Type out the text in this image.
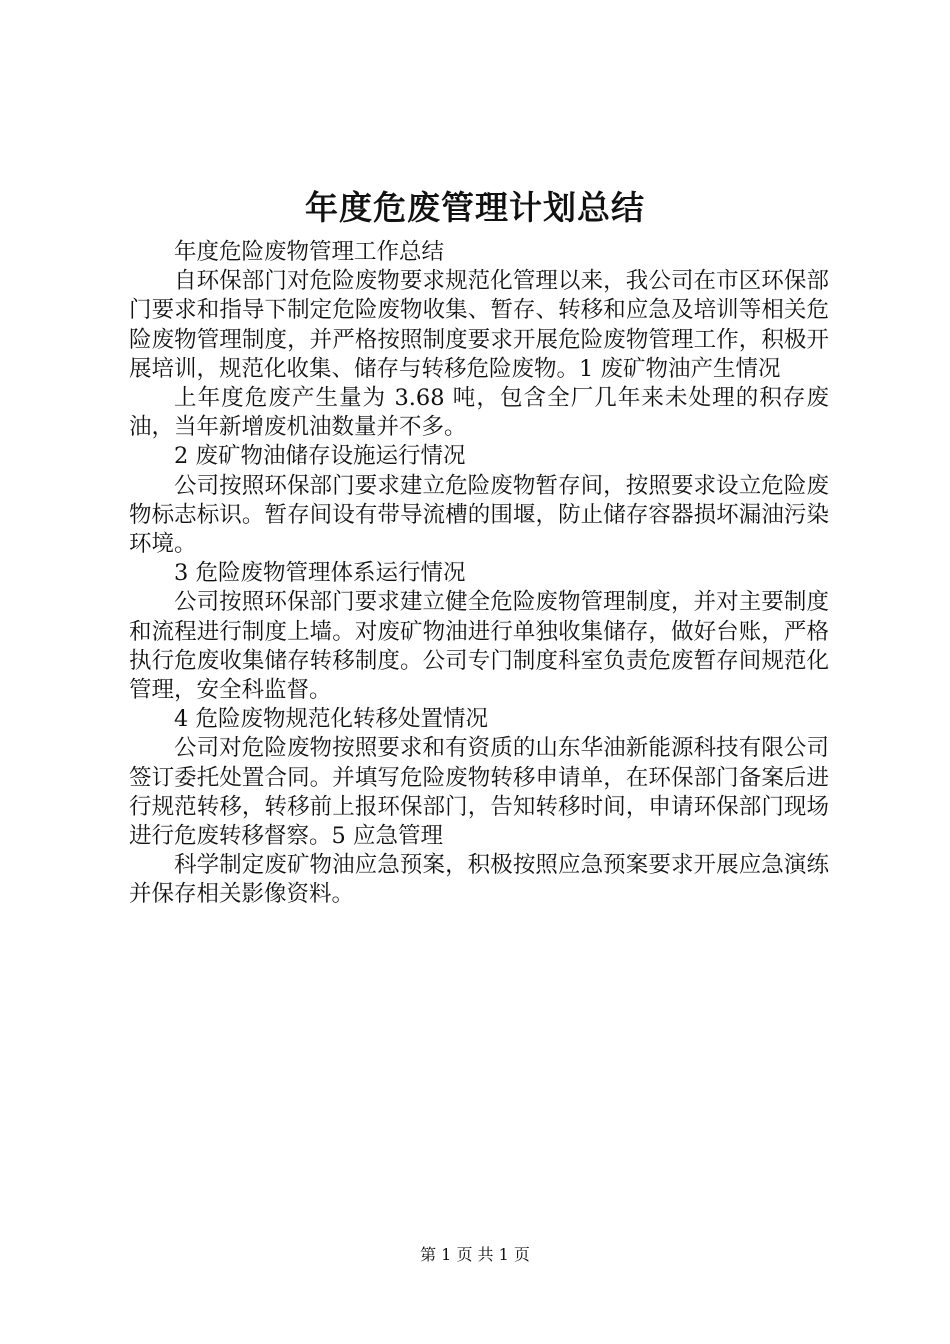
年度危废管理计划总结

年度危险废物管理工作总结

自环保部门对危险废物要求规范化管理以来，我公司在市区环保部门要求和指导下制定危险废物收集、暂存、转移和应急及培训等相关危险废物管理制度，并严格按照制度要求开展危险废物管理工作，积极开展培训，规范化收集、储存与转移危险废物。1 废矿物油产生情况

上年度危废产生量为 3.68 吨，包含全厂几年来未处理的积存废油，当年新增废机油数量并不多。

2 废矿物油储存设施运行情况

公司按照环保部门要求建立危险废物暂存间，按照要求设立危险废物标志标识。暂存间设有带导流槽的围堰，防止储存容器损坏漏油污染环境。

3 危险废物管理体系运行情况

公司按照环保部门要求建立健全危险废物管理制度，并对主要制度和流程进行制度上墙。对废矿物油进行单独收集储存，做好台账，严格执行危废收集储存转移制度。公司专门制度科室负责危废暂存间规范化管理，安全科监督。

4 危险废物规范化转移处置情况

公司对危险废物按照要求和有资质的山东华油新能源科技有限公司签订委托处置合同。并填写危险废物转移申请单，在环保部门备案后进行规范转移，转移前上报环保部门，告知转移时间，申请环保部门现场进行危废转移督察。5 应急管理

科学制定废矿物油应急预案，积极按照应急预案要求开展应急演练并保存相关影像资料。

第 1 页 共 1 页
